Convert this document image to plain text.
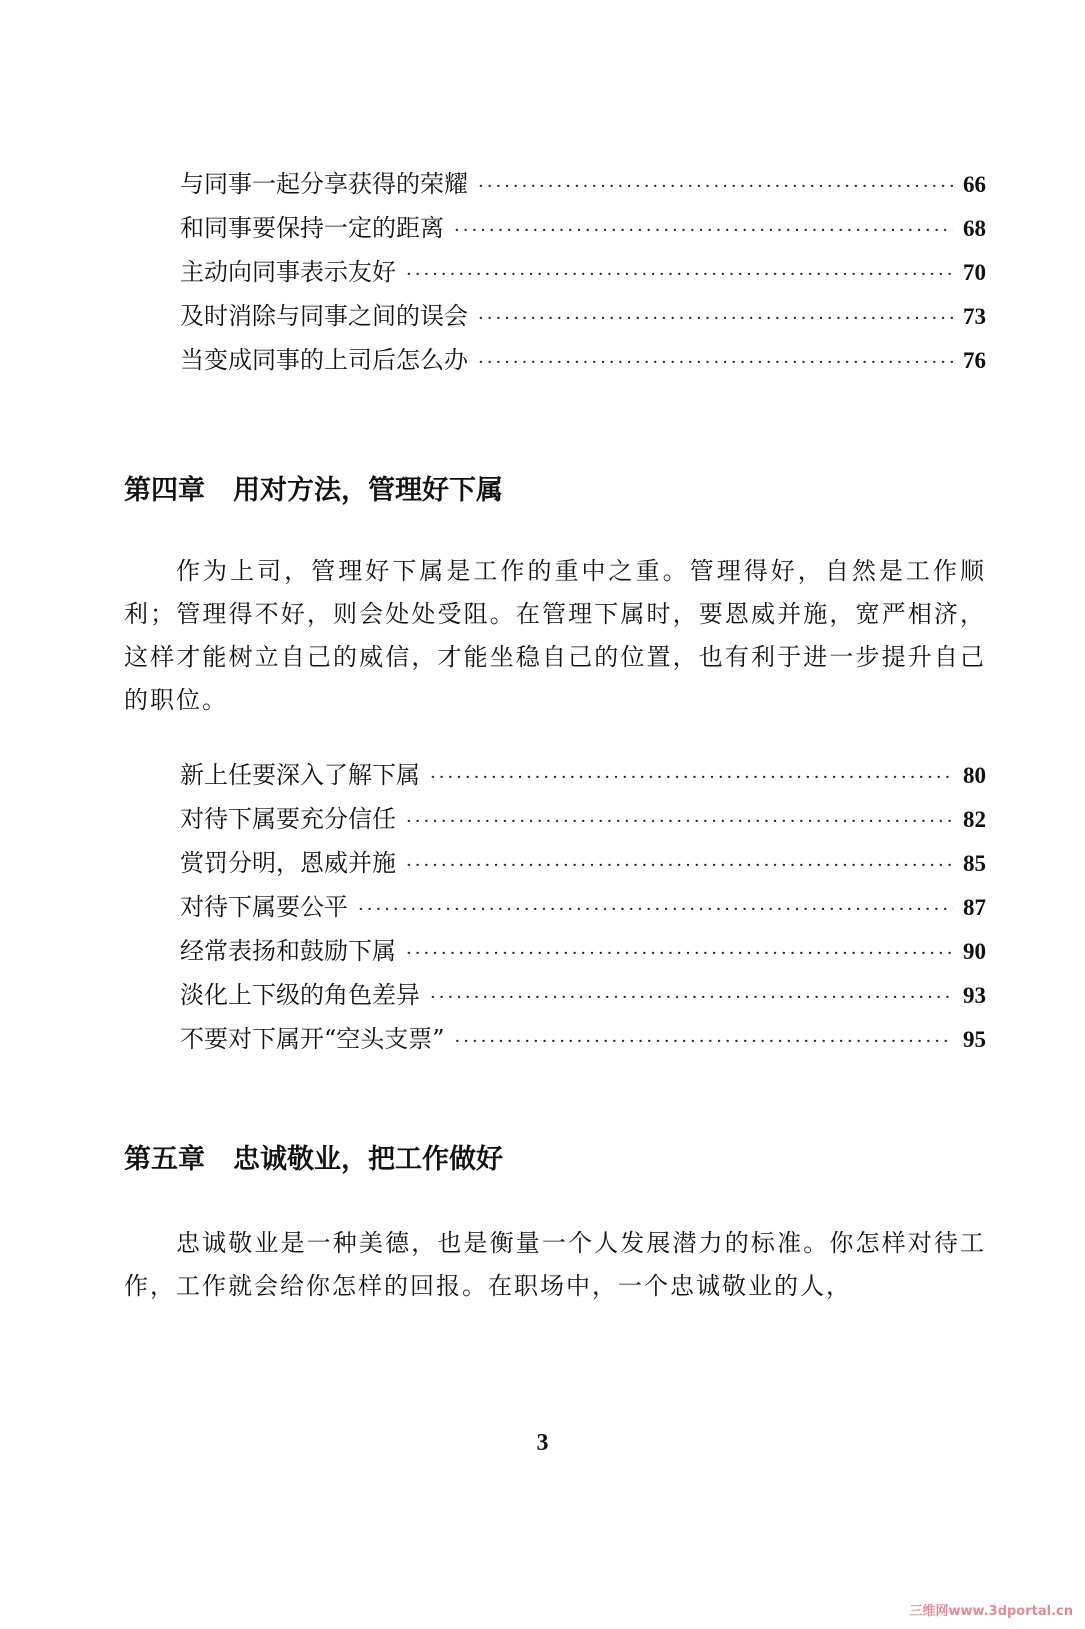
与同事一起分享获得的荣耀 ·····	66
和同事要保持一定的距离 ·····	68
主动向同事表示友好 ·····	70
及时消除与同事之间的误会 ·····	73
当变成同事的上司后怎么办 ·····	76
第四章 用对方法，管理好下属

作为上司，管理好下属是工作的重中之重。管理得好，自然是工作顺利；管理得不好，则会处处受阻。在管理下属时，要恩威并施，宽严相济，这样才能树立自己的威信，才能坐稳自己的位置，也有利于进一步提升自己的职位。

新上任要深入了解下属 ·····	80
对待下属要充分信任 ·····	82
赏罚分明，恩威并施 ·····	85
对待下属要公平 ·····	87
经常表扬和鼓励下属 ·····	90
淡化上下级的角色差异 ·····	93
不要对下属开“空头支票” ·····	95
第五章 忠诚敬业，把工作做好

忠诚敬业是一种美德，也是衡量一个人发展潜力的标准。你怎样对待工作，工作就会给你怎样的回报。在职场中，一个忠诚敬业的人，

3
三维网www.3dportal.cn
